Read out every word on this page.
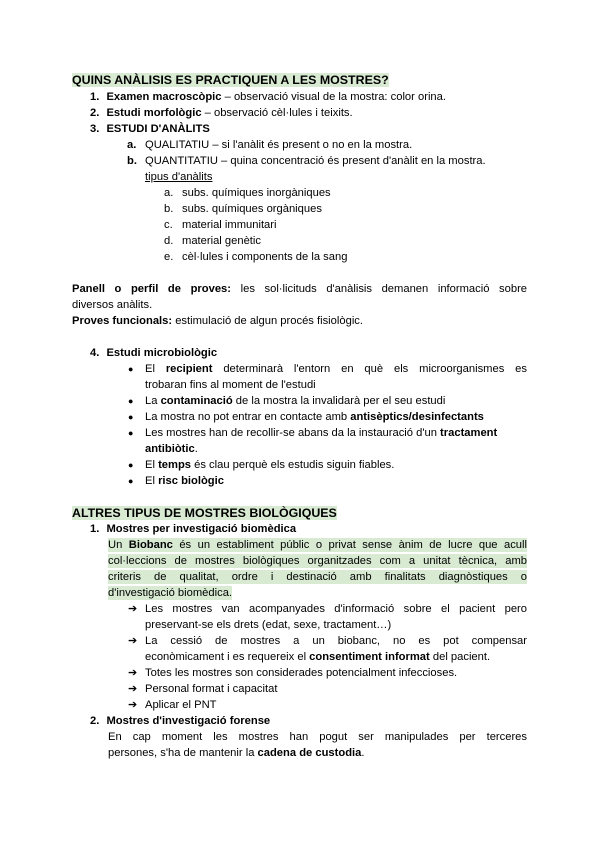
QUINS ANÀLISIS ES PRACTIQUEN A LES MOSTRES?
1. Examen macroscòpic – observació visual de la mostra: color orina.
2. Estudi morfològic – observació cèl·lules i teixits.
3. ESTUDI D'ANÀLITS
a. QUALITATIU – si l'anàlit és present o no en la mostra.
b. QUANTITATIU – quina concentració és present d'anàlit en la mostra.
tipus d'anàlits
a. subs. químiques inorgàniques
b. subs. químiques orgàniques
c. material immunitari
d. material genètic
e. cèl·lules i components de la sang
Panell o perfil de proves: les sol·licituds d'anàlisis demanen informació sobre
diversos anàlits.
Proves funcionals: estimulació de algun procés fisiològic.
4. Estudi microbiològic
● El recipient determinarà l'entorn en què els microorganismes es
trobaran fins al moment de l'estudi
● La contaminació de la mostra la invalidarà per el seu estudi
● La mostra no pot entrar en contacte amb antisèptics/desinfectants
● Les mostres han de recollir-se abans da la instauració d'un tractament
antibiòtic.
● El temps és clau perquè els estudis siguin fiables.
● El risc biològic
ALTRES TIPUS DE MOSTRES BIOLÒGIQUES
1. Mostres per investigació biomèdica
Un Biobanc és un establiment públic o privat sense ànim de lucre que acull
col·leccions de mostres biològiques organitzades com a unitat tècnica, amb
criteris de qualitat, ordre i destinació amb finalitats diagnòstiques o
d'investigació biomèdica.
➔ Les mostres van acompanyades d'informació sobre el pacient pero
preservant-se els drets (edat, sexe, tractament…)
➔ La cessió de mostres a un biobanc, no es pot compensar
econòmicament i es requereix el consentiment informat del pacient.
➔ Totes les mostres son considerades potencialment infeccioses.
➔ Personal format i capacitat
➔ Aplicar el PNT
2. Mostres d'investigació forense
En cap moment les mostres han pogut ser manipulades per terceres
persones, s'ha de mantenir la cadena de custodia.
